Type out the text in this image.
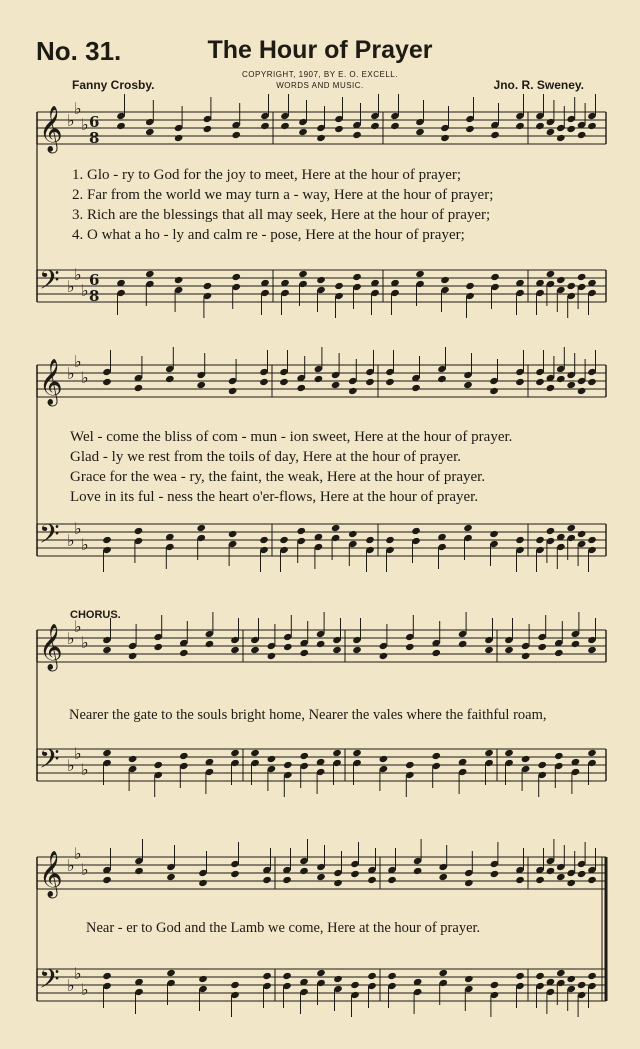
No. 31.	The Hour of Prayer
COPYRIGHT, 1907, BY E. O. EXCELL.
WORDS AND MUSIC.
Fanny Crosby.	Jno. R. Sweney.
1. Glo - ry to God for the joy to meet, Here at the hour of prayer;
2. Far from the world we may turn a - way, Here at the hour of prayer;
3. Rich are the blessings that all may seek, Here at the hour of prayer;
4. O what a ho - ly and calm re - pose, Here at the hour of prayer;
Wel - come the bliss of com - mun - ion sweet, Here at the hour of prayer.
Glad - ly we rest from the toils of day, Here at the hour of prayer.
Grace for the wea - ry, the faint, the weak, Here at the hour of prayer.
Love in its ful - ness the heart o'er-flows, Here at the hour of prayer.
CHORUS.
Nearer the gate to the souls bright home, Nearer the vales where the faithful roam,
Near - er to God and the Lamb we come, Here at the hour of prayer.
𝄞 ♭
♭
♭ 6
8
𝄢 ♭
♭
♭
6
8
𝄞 ♭
♭
♭
𝄢 ♭
♭
♭
𝄞 ♭
♭
♭
𝄢 ♭
♭
♭
𝄞 ♭
♭
♭
𝄢 ♭
♭
♭
